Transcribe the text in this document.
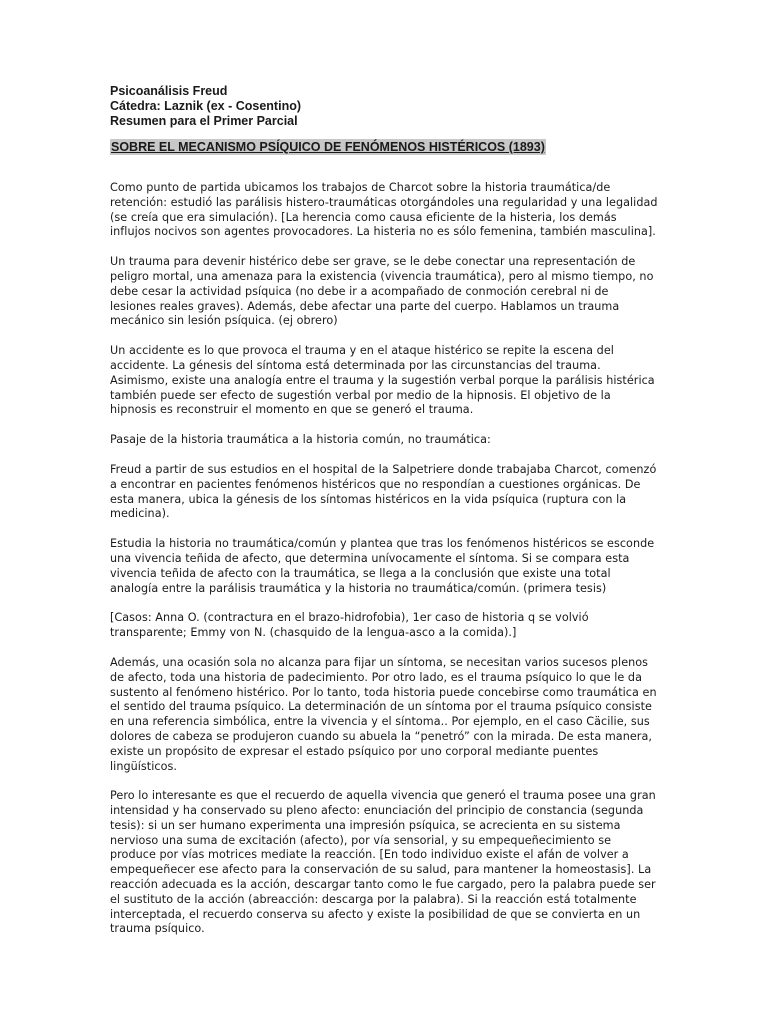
Psicoanálisis Freud

Cátedra: Laznik (ex - Cosentino)

Resumen para el Primer Parcial

SOBRE EL MECANISMO PSÍQUICO DE FENÓMENOS HISTÉRICOS (1893)

Como punto de partida ubicamos los trabajos de Charcot sobre la historia traumática/de retención: estudió las parálisis histero-traumáticas otorgándoles una regularidad y una legalidad (se creía que era simulación). [La herencia como causa eficiente de la histeria, los demás influjos nocivos son agentes provocadores. La histeria no es sólo femenina, también masculina].

Un trauma para devenir histérico debe ser grave, se le debe conectar una representación de peligro mortal, una amenaza para la existencia (vivencia traumática), pero al mismo tiempo, no debe cesar la actividad psíquica (no debe ir a acompañado de conmoción cerebral ni de lesiones reales graves). Además, debe afectar una parte del cuerpo. Hablamos un trauma mecánico sin lesión psíquica. (ej obrero)

Un accidente es lo que provoca el trauma y en el ataque histérico se repite la escena del accidente. La génesis del síntoma está determinada por las circunstancias del trauma. Asimismo, existe una analogía entre el trauma y la sugestión verbal porque la parálisis histérica también puede ser efecto de sugestión verbal por medio de la hipnosis. El objetivo de la hipnosis es reconstruir el momento en que se generó el trauma.

Pasaje de la historia traumática a la historia común, no traumática:

Freud a partir de sus estudios en el hospital de la Salpetriere donde trabajaba Charcot, comenzó a encontrar en pacientes fenómenos histéricos que no respondían a cuestiones orgánicas. De esta manera, ubica la génesis de los síntomas histéricos en la vida psíquica (ruptura con la medicina).

Estudia la historia no traumática/común y plantea que tras los fenómenos histéricos se esconde una vivencia teñida de afecto, que determina unívocamente el síntoma. Si se compara esta vivencia teñida de afecto con la traumática, se llega a la conclusión que existe una total analogía entre la parálisis traumática y la historia no traumática/común. (primera tesis)

[Casos: Anna O. (contractura en el brazo-hidrofobia), 1er caso de historia q se volvió transparente; Emmy von N. (chasquido de la lengua-asco a la comida).]

Además, una ocasión sola no alcanza para fijar un síntoma, se necesitan varios sucesos plenos de afecto, toda una historia de padecimiento. Por otro lado, es el trauma psíquico lo que le da sustento al fenómeno histérico. Por lo tanto, toda historia puede concebirse como traumática en el sentido del trauma psíquico. La determinación de un síntoma por el trauma psíquico consiste en una referencia simbólica, entre la vivencia y el síntoma.. Por ejemplo, en el caso Cäcilie, sus dolores de cabeza se produjeron cuando su abuela la “penetró” con la mirada. De esta manera, existe un propósito de expresar el estado psíquico por uno corporal mediante puentes lingüísticos.

Pero lo interesante es que el recuerdo de aquella vivencia que generó el trauma posee una gran intensidad y ha conservado su pleno afecto: enunciación del principio de constancia (segunda tesis): si un ser humano experimenta una impresión psíquica, se acrecienta en su sistema nervioso una suma de excitación (afecto), por vía sensorial, y su empequeñecimiento se produce por vías motrices mediate la reacción. [En todo individuo existe el afán de volver a empequeñecer ese afecto para la conservación de su salud, para mantener la homeostasis]. La reacción adecuada es la acción, descargar tanto como le fue cargado, pero la palabra puede ser el sustituto de la acción (abreacción: descarga por la palabra). Si la reacción está totalmente interceptada, el recuerdo conserva su afecto y existe la posibilidad de que se convierta en un trauma psíquico.
